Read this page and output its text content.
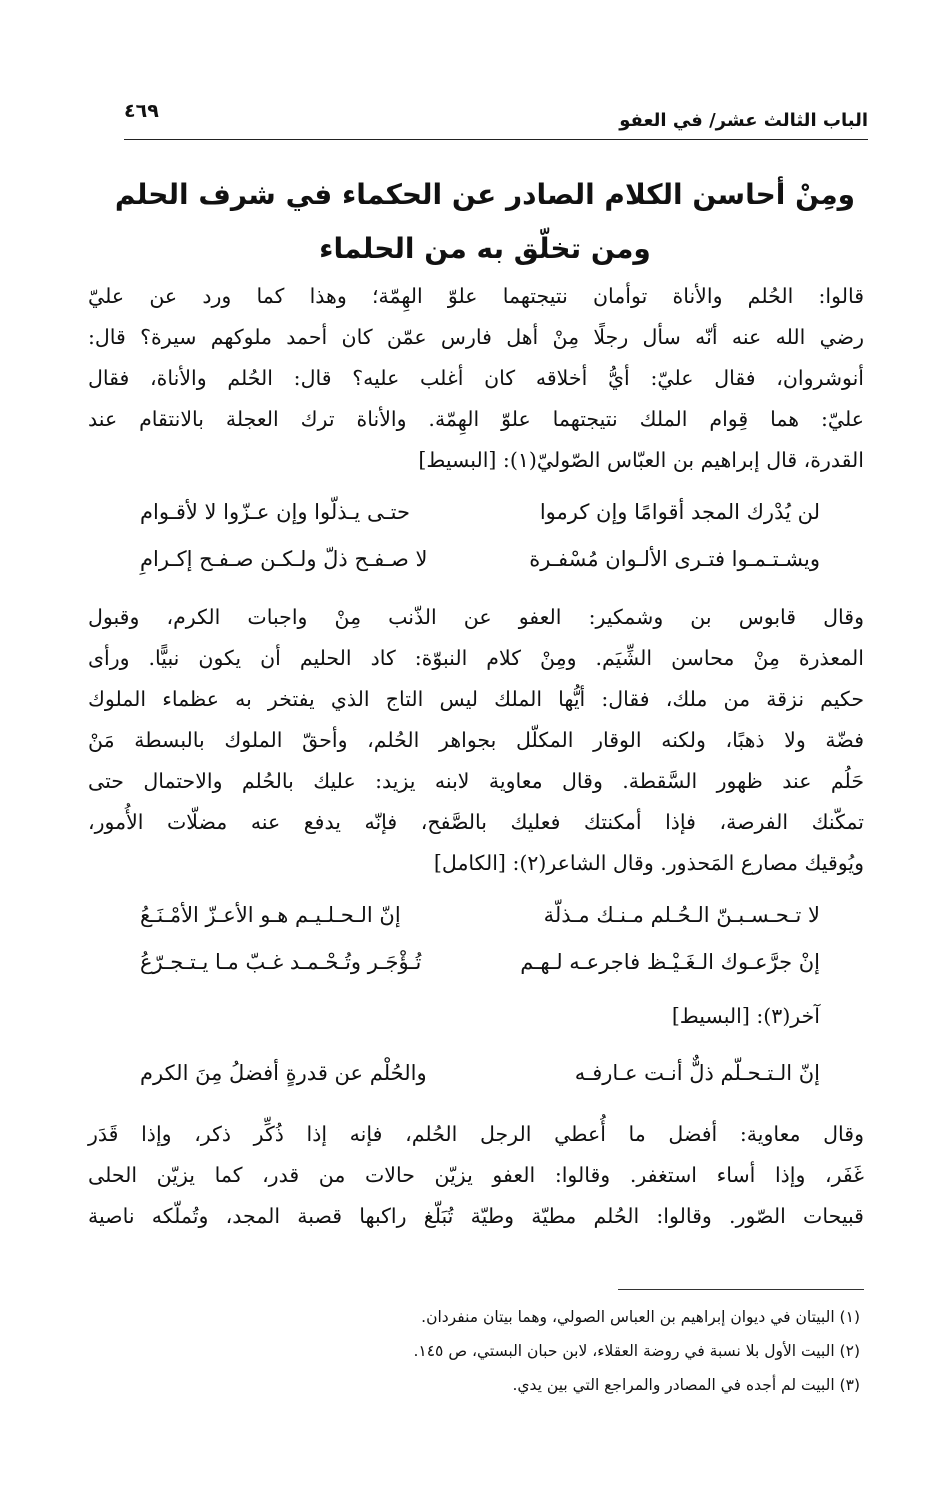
الباب الثالث عشر/ في العفو
٤٦٩
ومِنْ أحاسن الكلام الصادر عن الحكماء في شرف الحلم
ومن تخلّق به من الحلماء
قالوا: الحُلم والأناة توأمان نتيجتهما علوّ الهِمّة؛ وهذا كما ورد عن عليّ
رضي الله عنه أنّه سأل رجلًا مِنْ أهل فارس عمّن كان أحمد ملوكهم سيرة؟ قال:
أنوشروان، فقال عليّ: أيُّ أخلاقه كان أغلب عليه؟ قال: الحُلم والأناة، فقال
عليّ: هما قِوام الملك نتيجتهما علوّ الهِمّة. والأناة ترك العجلة بالانتقام عند
القدرة، قال إبراهيم بن العبّاس الصّوليّ(١): [البسيط]
لن يُدْرك المجد أقوامًا وإن كرموا
حتـى يـذلّوا وإن عـزّوا لا لأقـوام
ويشـتـمـوا فتـرى الألـوان مُسْفـرة
لا صـفـح ذلّ ولـكـن صـفـح إكـرامِ
وقال قابوس بن وشمكير: العفو عن الذّنب مِنْ واجبات الكرم، وقبول
المعذرة مِنْ محاسن الشِّيَم. ومِنْ كلام النبوّة: كاد الحليم أن يكون نبيًّا. ورأى
حكيم نزقة من ملك، فقال: أيُّها الملك ليس التاج الذي يفتخر به عظماء الملوك
فضّة ولا ذهبًا، ولكنه الوقار المكلّل بجواهر الحُلم، وأحقّ الملوك بالبسطة مَنْ
حَلُم عند ظهور السَّقطة. وقال معاوية لابنه يزيد: عليك بالحُلم والاحتمال حتى
تمكّنك الفرصة، فإذا أمكنتك فعليك بالصَّفح، فإنّه يدفع عنه مضلّات الأُمور،
ويُوقيك مصارع المَحذور. وقال الشاعر(٢): [الكامل]
لا تـحـسـبـنّ الـحُـلم مـنـك مـذلّة
إنّ الـحـلـيـم هـو الأعـزّ الأمْـنَـعُ
إنْ جرَّعـوك الـغَـيْـظ فاجرعـه لـهـم
تُـؤْجَـر وتُـحْـمـد غـبّ مـا يـتـجـرّعُ
آخر(٣): [البسيط]
إنّ الـتـحـلّم ذلٌّ أنـت عـارفـه
والحُلْم عن قدرةٍ أفضلُ مِنَ الكرم
وقال معاوية: أفضل ما أُعطي الرجل الحُلم، فإنه إذا ذُكِّر ذكر، وإذا قَدَر
غَفَر، وإذا أساء استغفر. وقالوا: العفو يزيّن حالات من قدر، كما يزيّن الحلى
قبيحات الصّور. وقالوا: الحُلم مطيّة وطيّة تُبَلّغ راكبها قصبة المجد، وتُملّكه ناصية
(١) البيتان في ديوان إبراهيم بن العباس الصولي، وهما بيتان منفردان.
(٢) البيت الأول بلا نسبة في روضة العقلاء، لابن حبان البستي، ص ١٤٥.
(٣) البيت لم أجده في المصادر والمراجع التي بين يدي.
